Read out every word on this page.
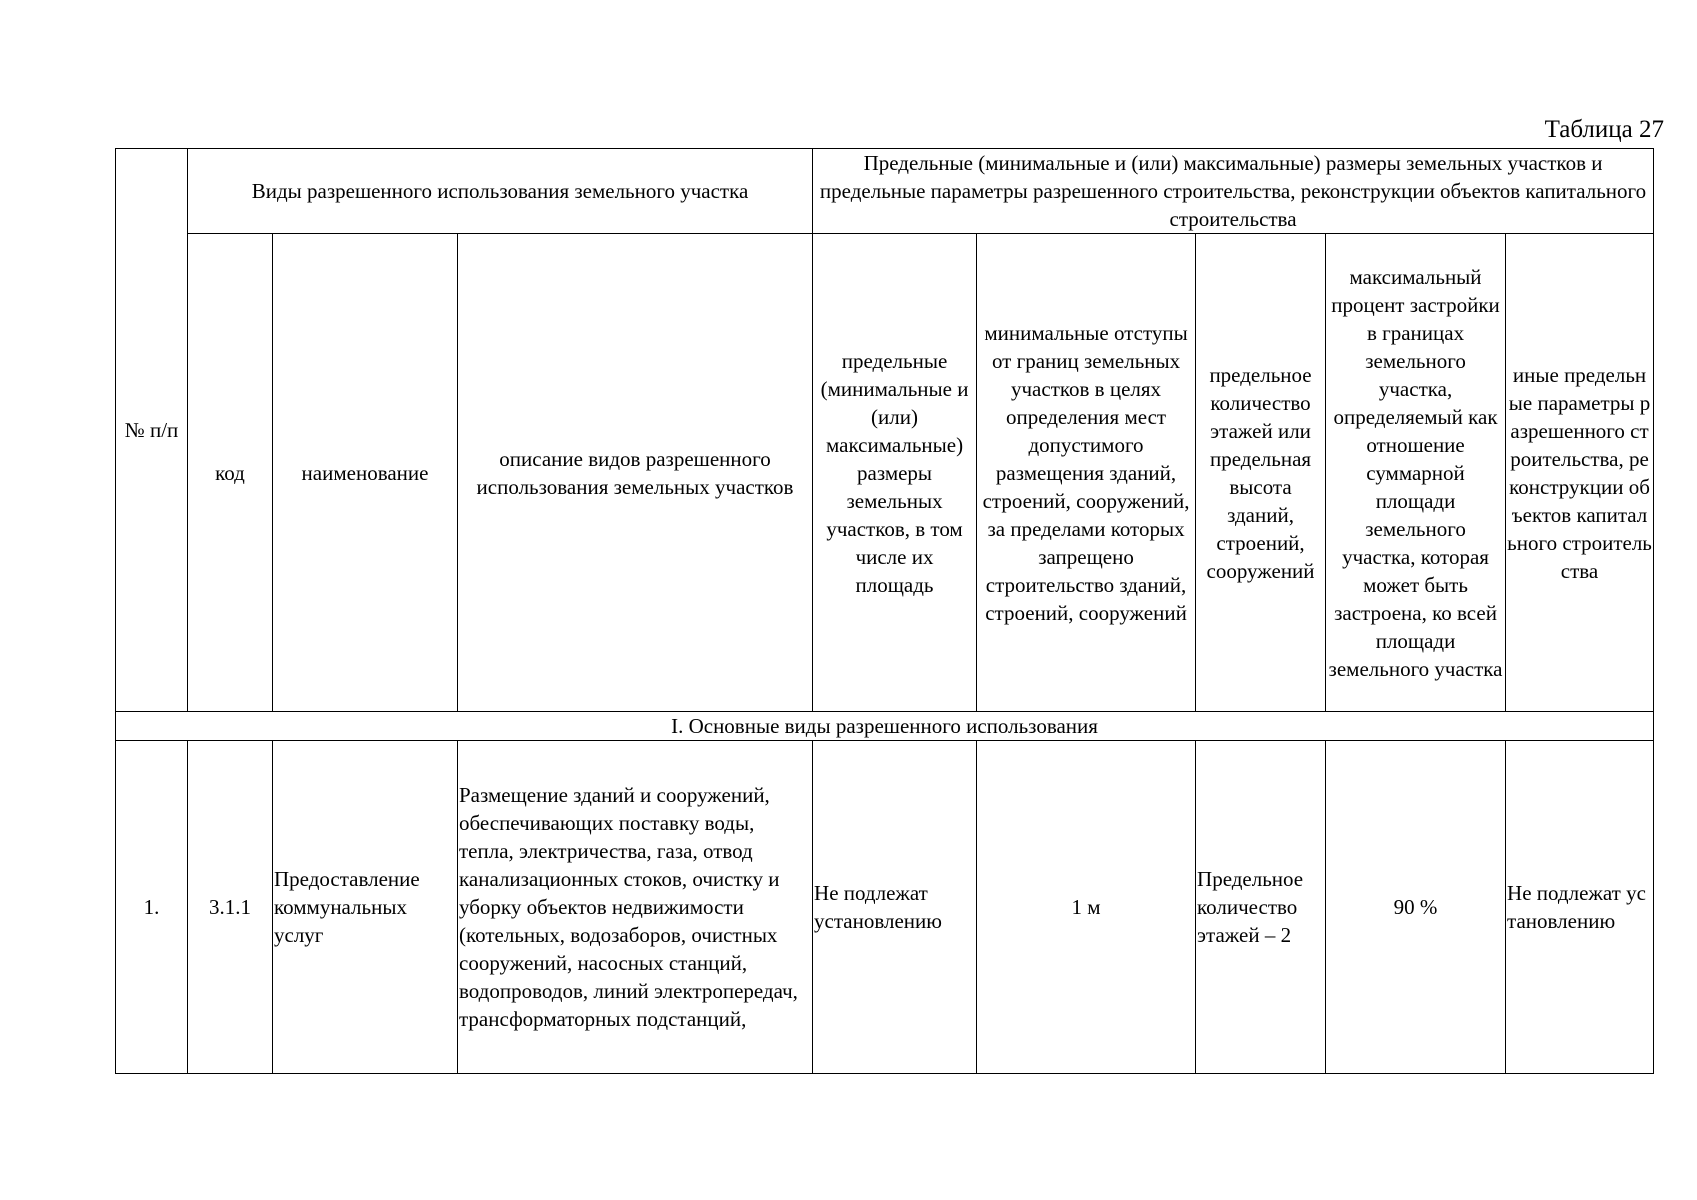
Таблица 27
№ п/п	Виды разрешенного использования земельного участка			Предельные (минимальные и (или) максимальные) размеры земельных участков и предельные параметры разрешенного строительства, реконструкции объектов капитального строительства				
	код	наименование	описание видов разрешенного использования земельных участков	предельные (минимальные и (или) максимальные) размеры земельных участков, в том числе их площадь	минимальные отступы от границ земельных участков в целях определения мест допустимого размещения зданий, строений, сооружений, за пределами которых запрещено строительство зданий, строений, сооружений	предельное количество этажей или предельная высота зданий, строений, сооружений	максимальный процент застройки в границах земельного участка, определяемый как отношение суммарной площади земельного участка, которая может быть застроена, ко всей площади земельного участка	иные предельные параметры разрешенного строительства, реконструкции объектов капитального строительства
I. Основные виды разрешенного использования								
1.	3.1.1	Предоставление коммунальных услуг	Размещение зданий и сооружений, обеспечивающих поставку воды, тепла, электричества, газа, отвод канализационных стоков, очистку и уборку объектов недвижимости (котельных, водозаборов, очистных сооружений, насосных станций, водопроводов, линий электропередач, трансформаторных подстанций,	Не подлежат установлению	1 м	Предельное количество этажей – 2	90 %	Не подлежат установлению
